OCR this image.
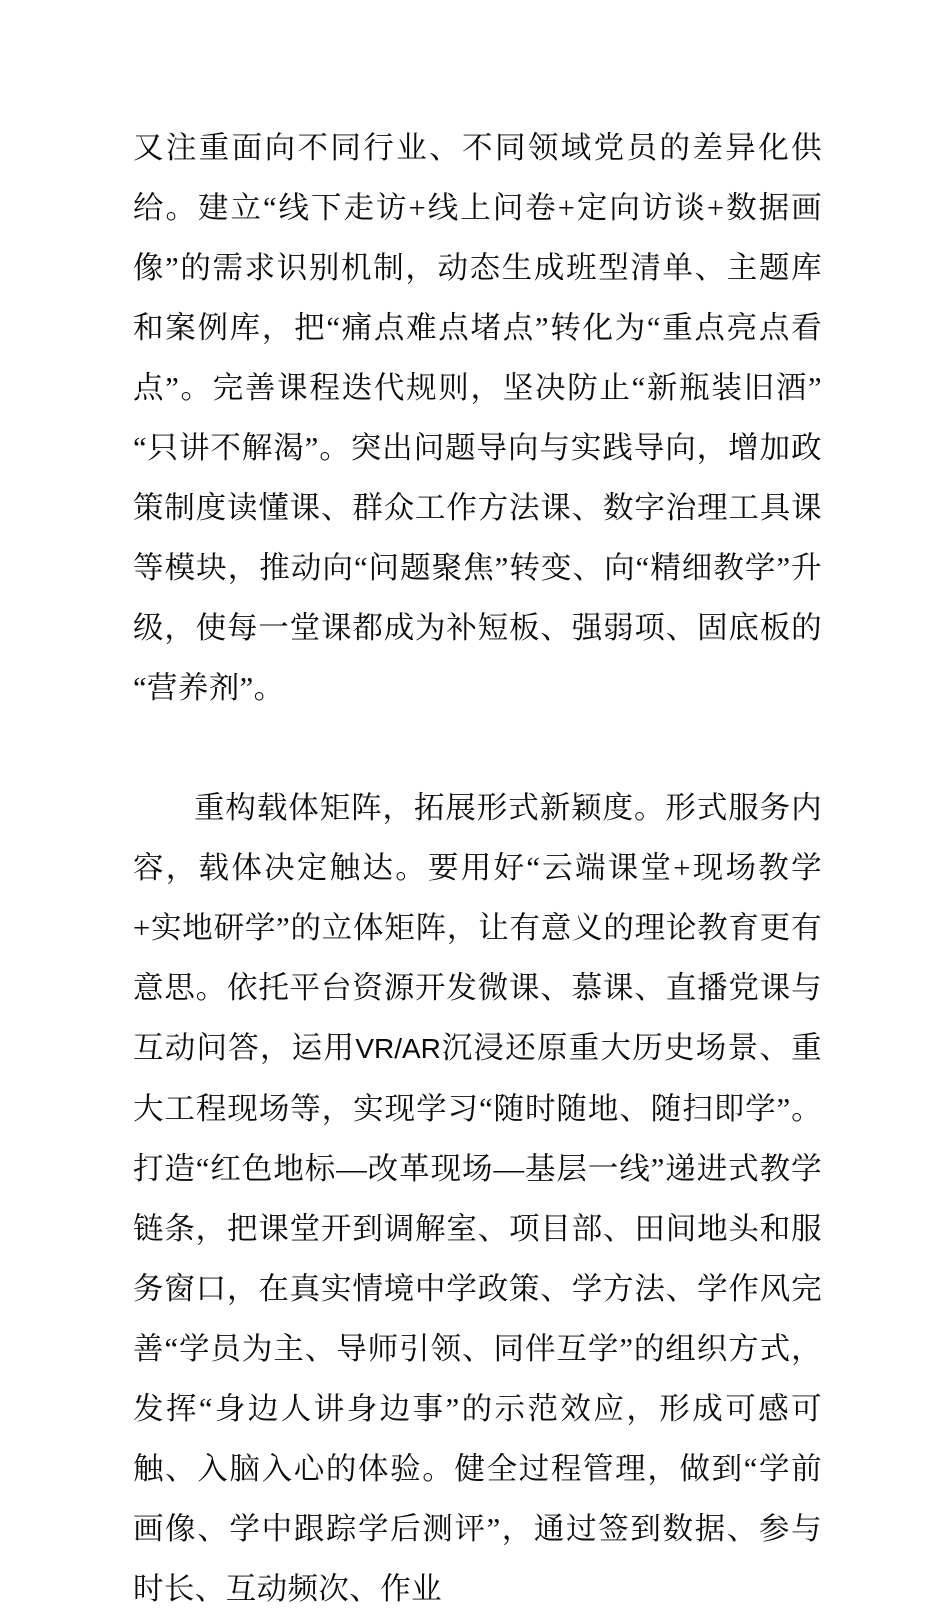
又注重面向不同行业、不同领域党员的差异化供给。建立“线下走访+线上问卷+定向访谈+数据画像”的需求识别机制，动态生成班型清单、主题库和案例库，把“痛点难点堵点”转化为“重点亮点看点”。完善课程迭代规则，坚决防止“新瓶装旧酒”“只讲不解渴”。突出问题导向与实践导向，增加政策制度读懂课、群众工作方法课、数字治理工具课等模块，推动向“问题聚焦”转变、向“精细教学”升级，使每一堂课都成为补短板、强弱项、固底板的“营养剂”。

重构载体矩阵，拓展形式新颖度。形式服务内容，载体决定触达。要用好“云端课堂+现场教学+实地研学”的立体矩阵，让有意义的理论教育更有意思。依托平台资源开发微课、慕课、直播党课与互动问答，运用VR/AR沉浸还原重大历史场景、重大工程现场等，实现学习“随时随地、随扫即学”。打造“红色地标—改革现场—基层一线”递进式教学链条，把课堂开到调解室、项目部、田间地头和服务窗口，在真实情境中学政策、学方法、学作风完善“学员为主、导师引领、同伴互学”的组织方式，发挥“身边人讲身边事”的示范效应，形成可感可触、入脑入心的体验。健全过程管理，做到“学前画像、学中跟踪学后测评”，通过签到数据、参与时长、互动频次、作业
